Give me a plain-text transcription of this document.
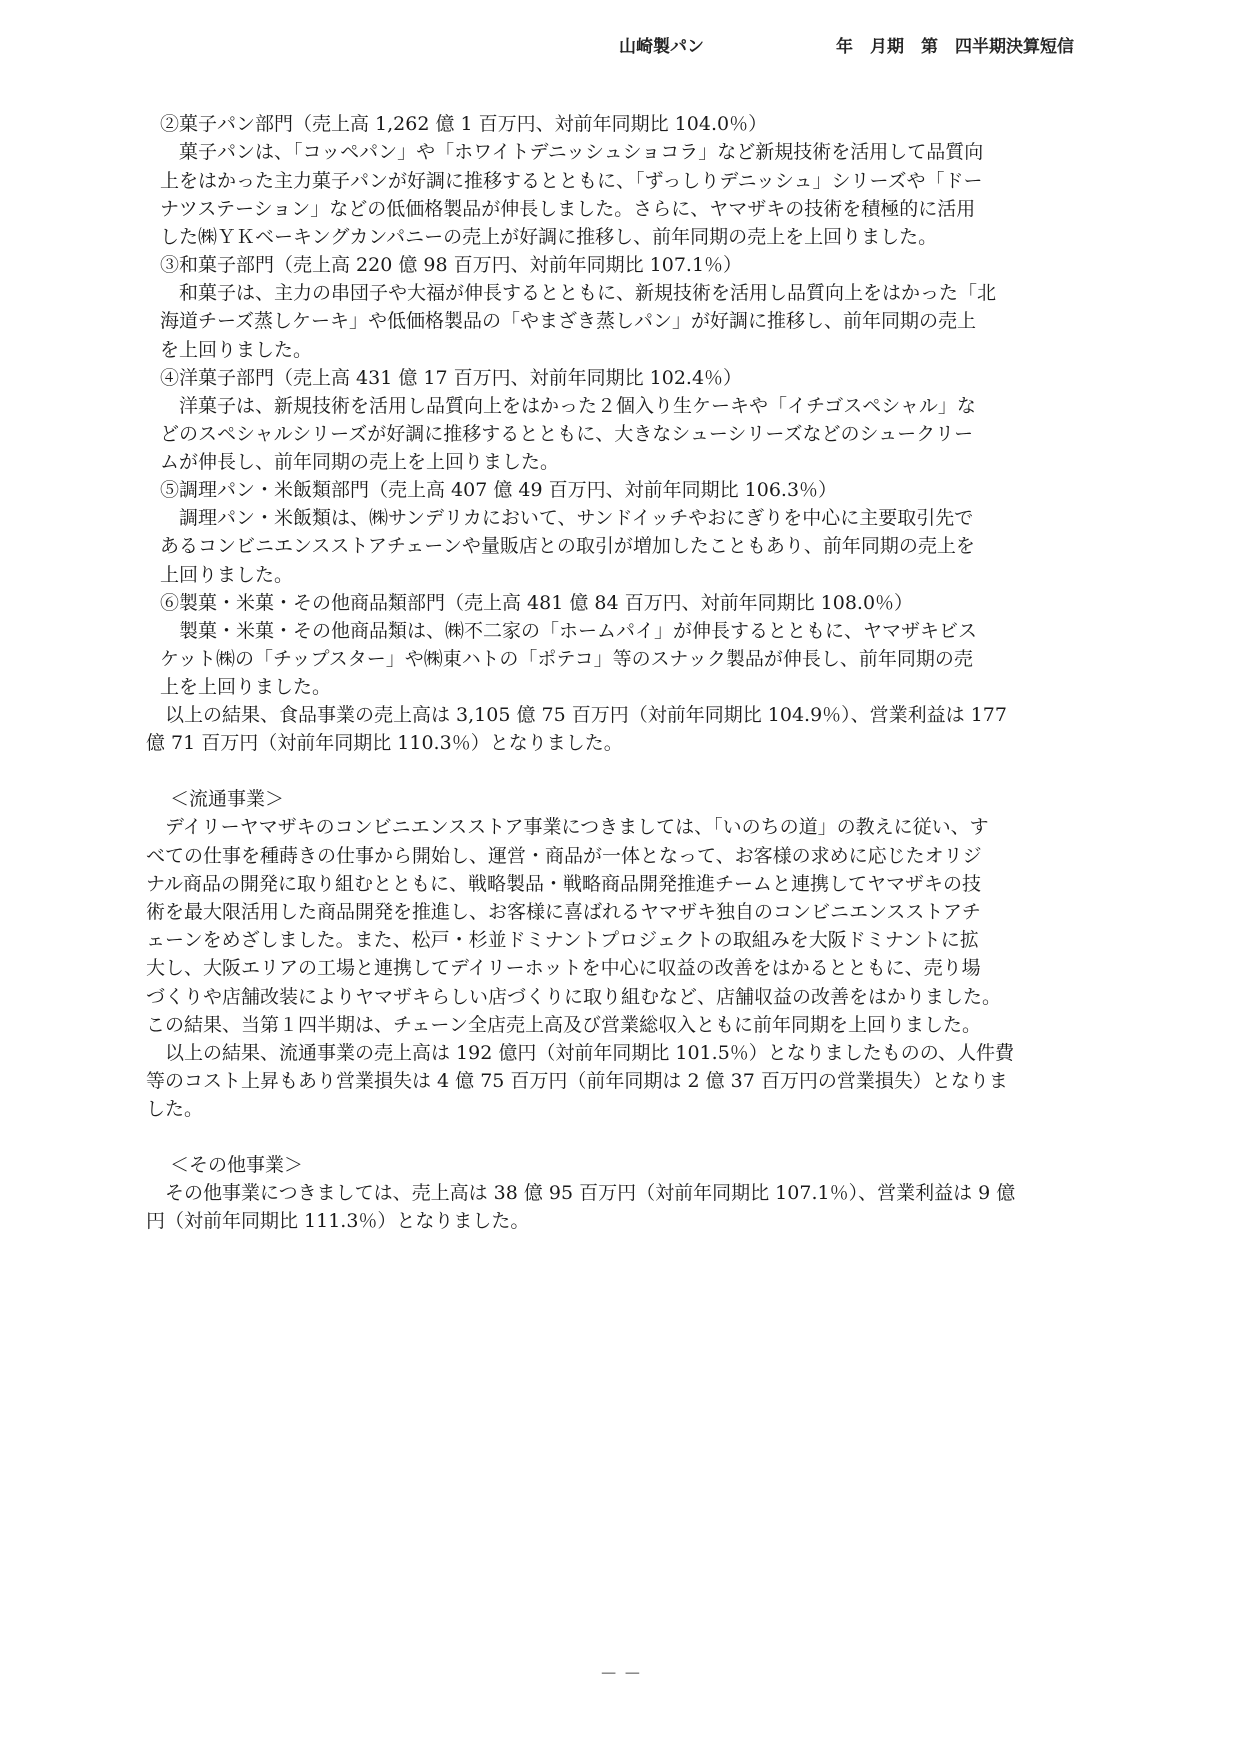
山崎製パン	年　月期　第　四半期決算短信
②菓子パン部門（売上高 1,262 億 1 百万円、対前年同期比 104.0％）
　菓子パンは、「コッペパン」や「ホワイトデニッシュショコラ」など新規技術を活用して品質向
上をはかった主力菓子パンが好調に推移するとともに、「ずっしりデニッシュ」シリーズや「ドー
ナツステーション」などの低価格製品が伸長しました。さらに、ヤマザキの技術を積極的に活用
した㈱ＹＫベーキングカンパニーの売上が好調に推移し、前年同期の売上を上回りました。
③和菓子部門（売上高 220 億 98 百万円、対前年同期比 107.1％）
　和菓子は、主力の串団子や大福が伸長するとともに、新規技術を活用し品質向上をはかった「北
海道チーズ蒸しケーキ」や低価格製品の「やまざき蒸しパン」が好調に推移し、前年同期の売上
を上回りました。
④洋菓子部門（売上高 431 億 17 百万円、対前年同期比 102.4％）
　洋菓子は、新規技術を活用し品質向上をはかった２個入り生ケーキや「イチゴスペシャル」な
どのスペシャルシリーズが好調に推移するとともに、大きなシューシリーズなどのシュークリー
ムが伸長し、前年同期の売上を上回りました。
⑤調理パン・米飯類部門（売上高 407 億 49 百万円、対前年同期比 106.3％）
　調理パン・米飯類は、㈱サンデリカにおいて、サンドイッチやおにぎりを中心に主要取引先で
あるコンビニエンスストアチェーンや量販店との取引が増加したこともあり、前年同期の売上を
上回りました。
⑥製菓・米菓・その他商品類部門（売上高 481 億 84 百万円、対前年同期比 108.0％）
　製菓・米菓・その他商品類は、㈱不二家の「ホームパイ」が伸長するとともに、ヤマザキビス
ケット㈱の「チップスター」や㈱東ハトの「ポテコ」等のスナック製品が伸長し、前年同期の売
上を上回りました。
　以上の結果、食品事業の売上高は 3,105 億 75 百万円（対前年同期比 104.9％）、営業利益は 177
億 71 百万円（対前年同期比 110.3％）となりました。
＜流通事業＞
　デイリーヤマザキのコンビニエンスストア事業につきましては、「いのちの道」の教えに従い、す
べての仕事を種蒔きの仕事から開始し、運営・商品が一体となって、お客様の求めに応じたオリジ
ナル商品の開発に取り組むとともに、戦略製品・戦略商品開発推進チームと連携してヤマザキの技
術を最大限活用した商品開発を推進し、お客様に喜ばれるヤマザキ独自のコンビニエンスストアチ
ェーンをめざしました。また、松戸・杉並ドミナントプロジェクトの取組みを大阪ドミナントに拡
大し、大阪エリアの工場と連携してデイリーホットを中心に収益の改善をはかるとともに、売り場
づくりや店舗改装によりヤマザキらしい店づくりに取り組むなど、店舗収益の改善をはかりました。
この結果、当第１四半期は、チェーン全店売上高及び営業総収入ともに前年同期を上回りました。
　以上の結果、流通事業の売上高は 192 億円（対前年同期比 101.5％）となりましたものの、人件費
等のコスト上昇もあり営業損失は 4 億 75 百万円（前年同期は 2 億 37 百万円の営業損失）となりま
した。
＜その他事業＞
　その他事業につきましては、売上高は 38 億 95 百万円（対前年同期比 107.1％）、営業利益は 9 億
円（対前年同期比 111.3％）となりました。
－ －
